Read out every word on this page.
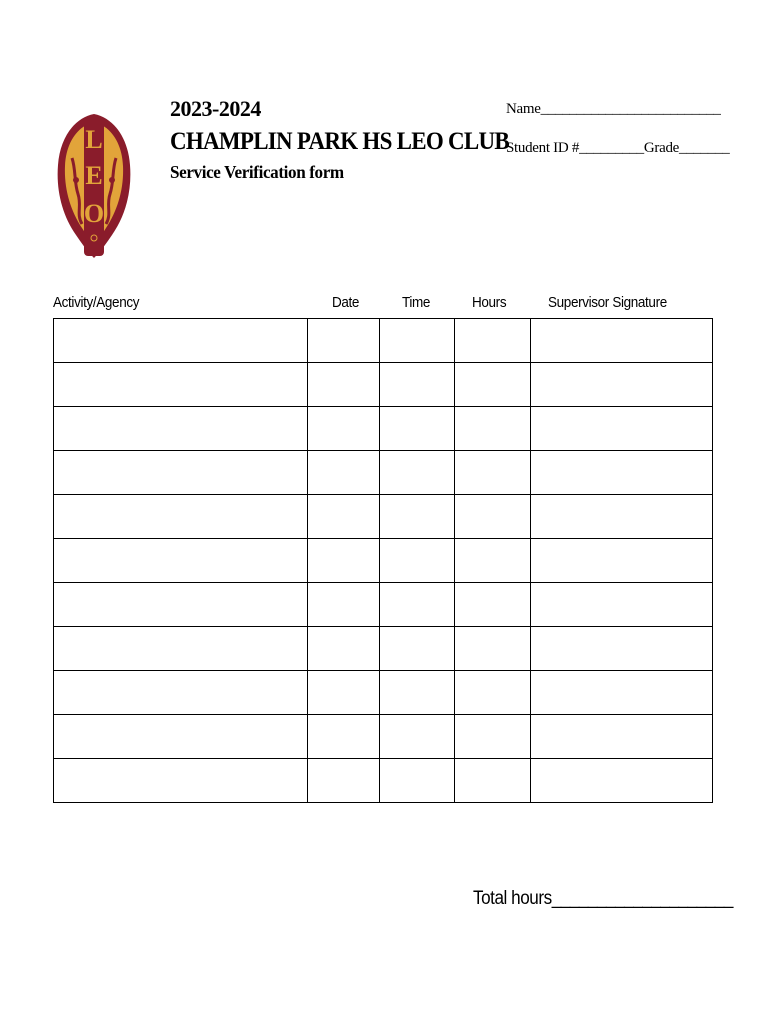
L
E
O
2023-2024
CHAMPLIN PARK HS LEO CLUB
Service Verification form
Name_________________________
Student ID #_________Grade_______
Activity/Agency	Date	Time	Hours	Supervisor Signature

Total hours____________________
